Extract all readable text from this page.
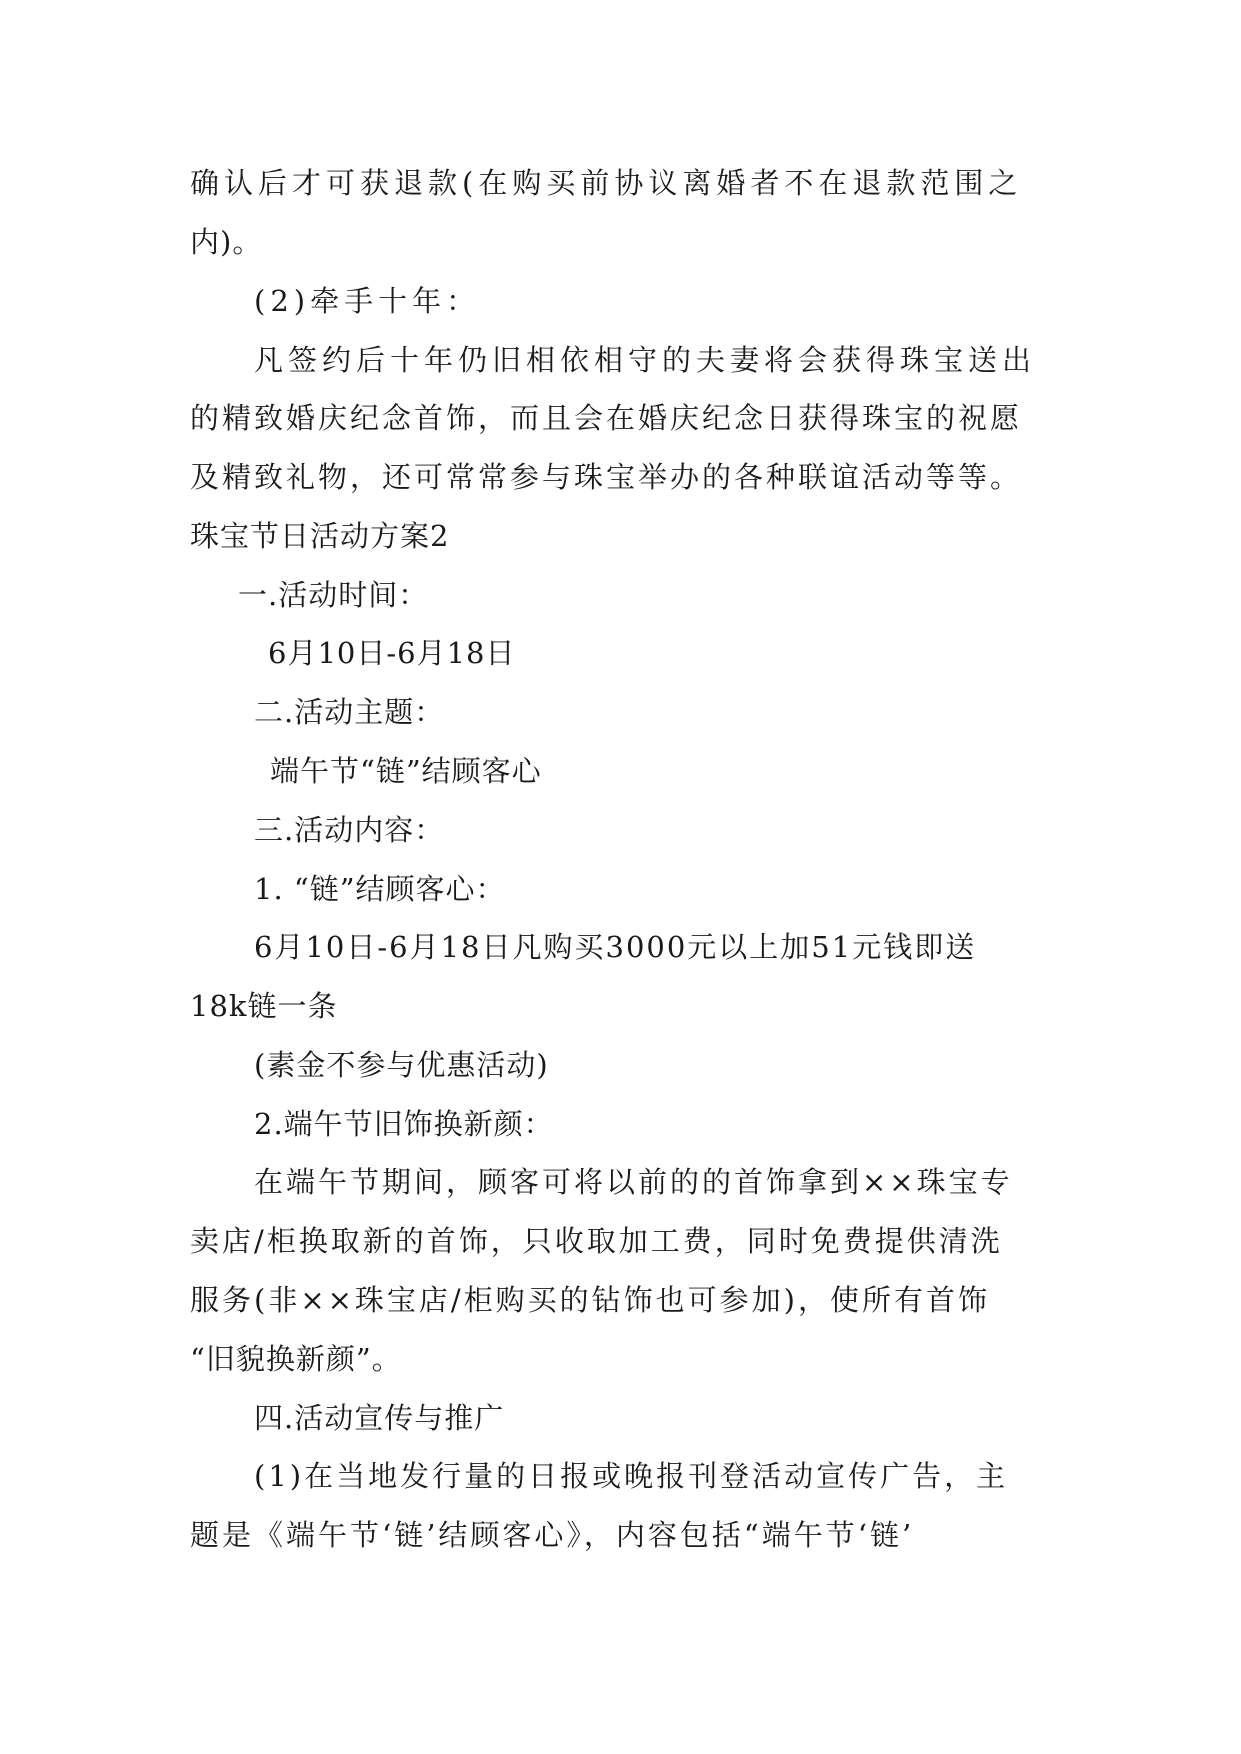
确认后才可获退款(在购买前协议离婚者不在退款范围之
内)。
(2)牵手十年：
凡签约后十年仍旧相依相守的夫妻将会获得珠宝送出
的精致婚庆纪念首饰，而且会在婚庆纪念日获得珠宝的祝愿
及精致礼物，还可常常参与珠宝举办的各种联谊活动等等。
珠宝节日活动方案2
一.活动时间：
6月10日-6月18日
二.活动主题：
端午节“链”结顾客心
三.活动内容：
1. “链”结顾客心：
6月10日-6月18日凡购买3000元以上加51元钱即送
18k链一条
(素金不参与优惠活动)
2.端午节旧饰换新颜：
在端午节期间，顾客可将以前的的首饰拿到××珠宝专
卖店/柜换取新的首饰，只收取加工费，同时免费提供清洗
服务(非××珠宝店/柜购买的钻饰也可参加)，使所有首饰
“旧貌换新颜”。
四.活动宣传与推广
(1)在当地发行量的日报或晚报刊登活动宣传广告，主
题是《端午节‘链’结顾客心》，内容包括“端午节‘链’
